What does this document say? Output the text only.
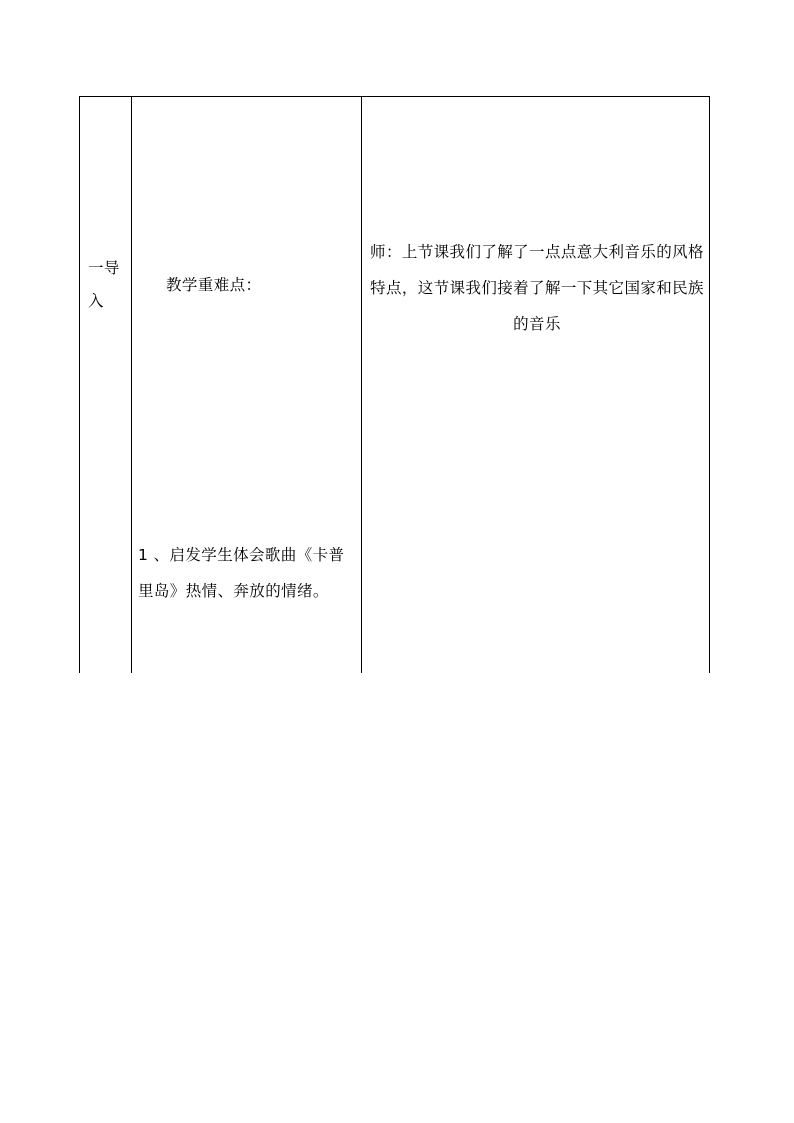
一导入
教学重难点：
1 、启发学生体会歌曲《卡普里岛》热情、奔放的情绪。
师：上节课我们了解了一点点意大利音乐的风格特点，这节课我们接着了解一下其它国家和民族的音乐
